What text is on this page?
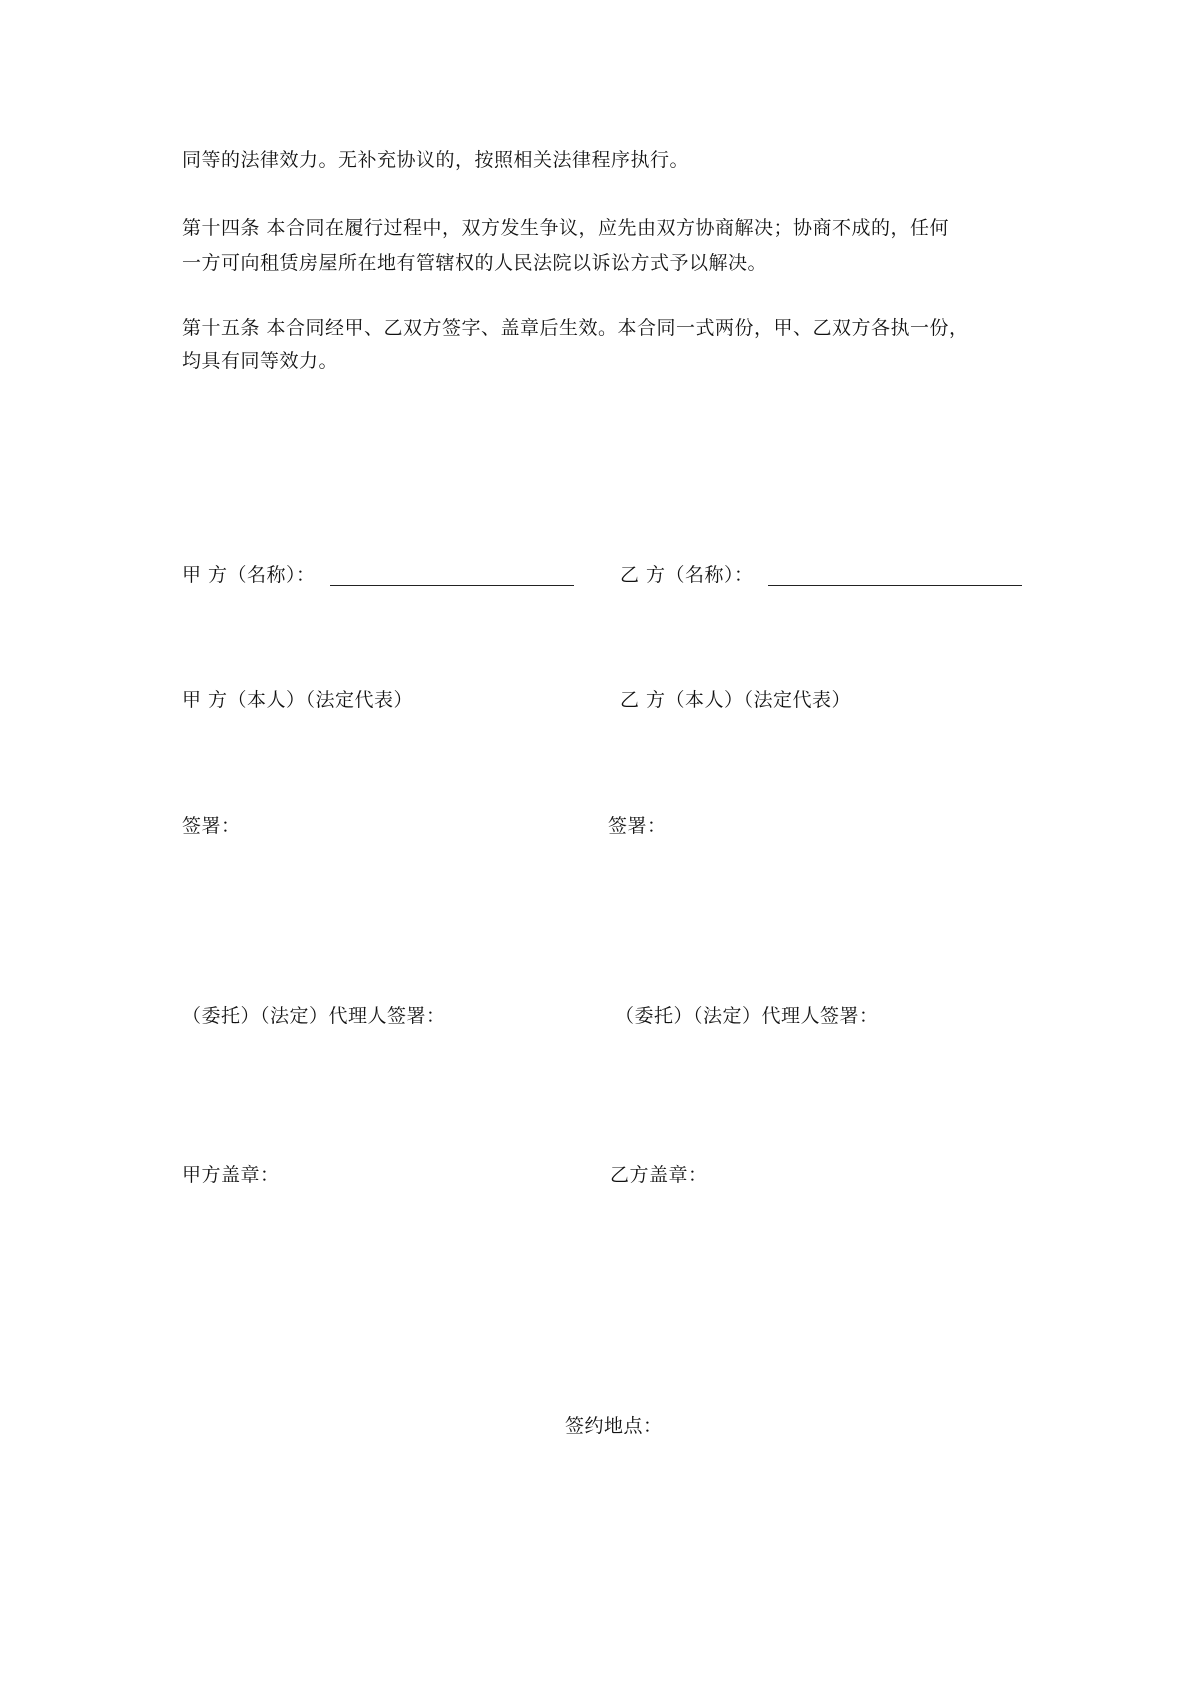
同等的法律效力。无补充协议的，按照相关法律程序执行。
第十四条 本合同在履行过程中，双方发生争议，应先由双方协商解决；协商不成的，任何
一方可向租赁房屋所在地有管辖权的人民法院以诉讼方式予以解决。
第十五条 本合同经甲、乙双方签字、盖章后生效。本合同一式两份，甲、乙双方各执一份，
均具有同等效力。
甲 方（名称）：	乙 方（名称）：
甲 方（本人）（法定代表）	乙 方（本人）（法定代表）
签署：	签署：
（委托）（法定）代理人签署：	（委托）（法定）代理人签署：
甲方盖章：	乙方盖章：
签约地点：
